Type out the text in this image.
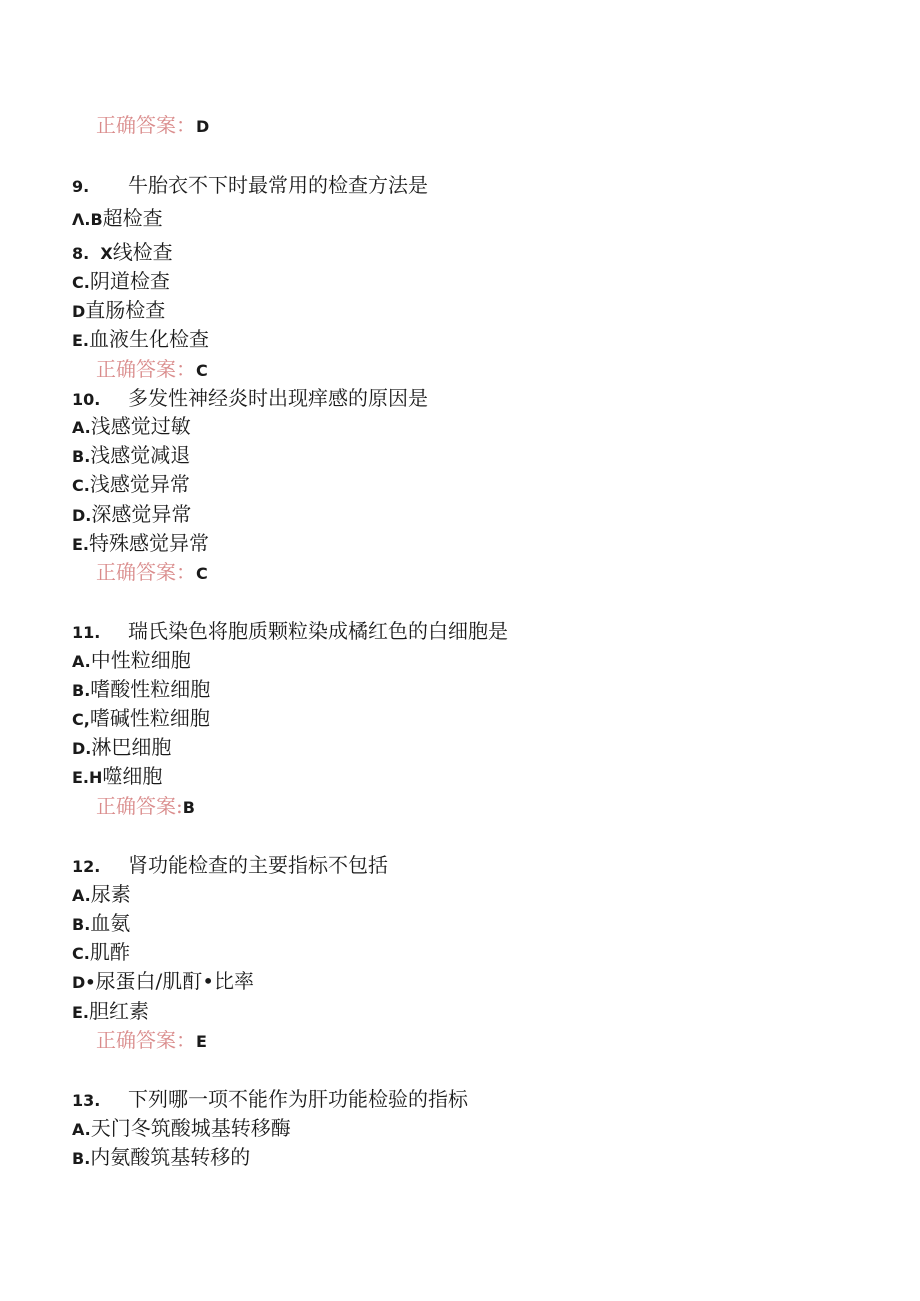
正确答案：D
9. 牛胎衣不下时最常用的检查方法是
Λ.B超检查
8.  X线检查
C.阴道检查
D直肠检查
E.血液生化检查
正确答案：C
10. 多发性神经炎时出现痒感的原因是
A.浅感觉过敏
B.浅感觉减退
C.浅感觉异常
D.深感觉异常
E.特殊感觉异常
正确答案：C
11. 瑞氏染色将胞质颗粒染成橘红色的白细胞是
A.中性粒细胞
B.嗜酸性粒细胞
C,嗜碱性粒细胞
D.淋巴细胞
E.H噬细胞
正确答案:B
12. 肾功能检查的主要指标不包括
A.尿素
B.血氨
C.肌酢
D•尿蛋白/肌酊•比率
E.胆红素
正确答案：E
13. 下列哪一项不能作为肝功能检验的指标
A.天门冬筑酸城基转移酶
B.内氨酸筑基转移的
